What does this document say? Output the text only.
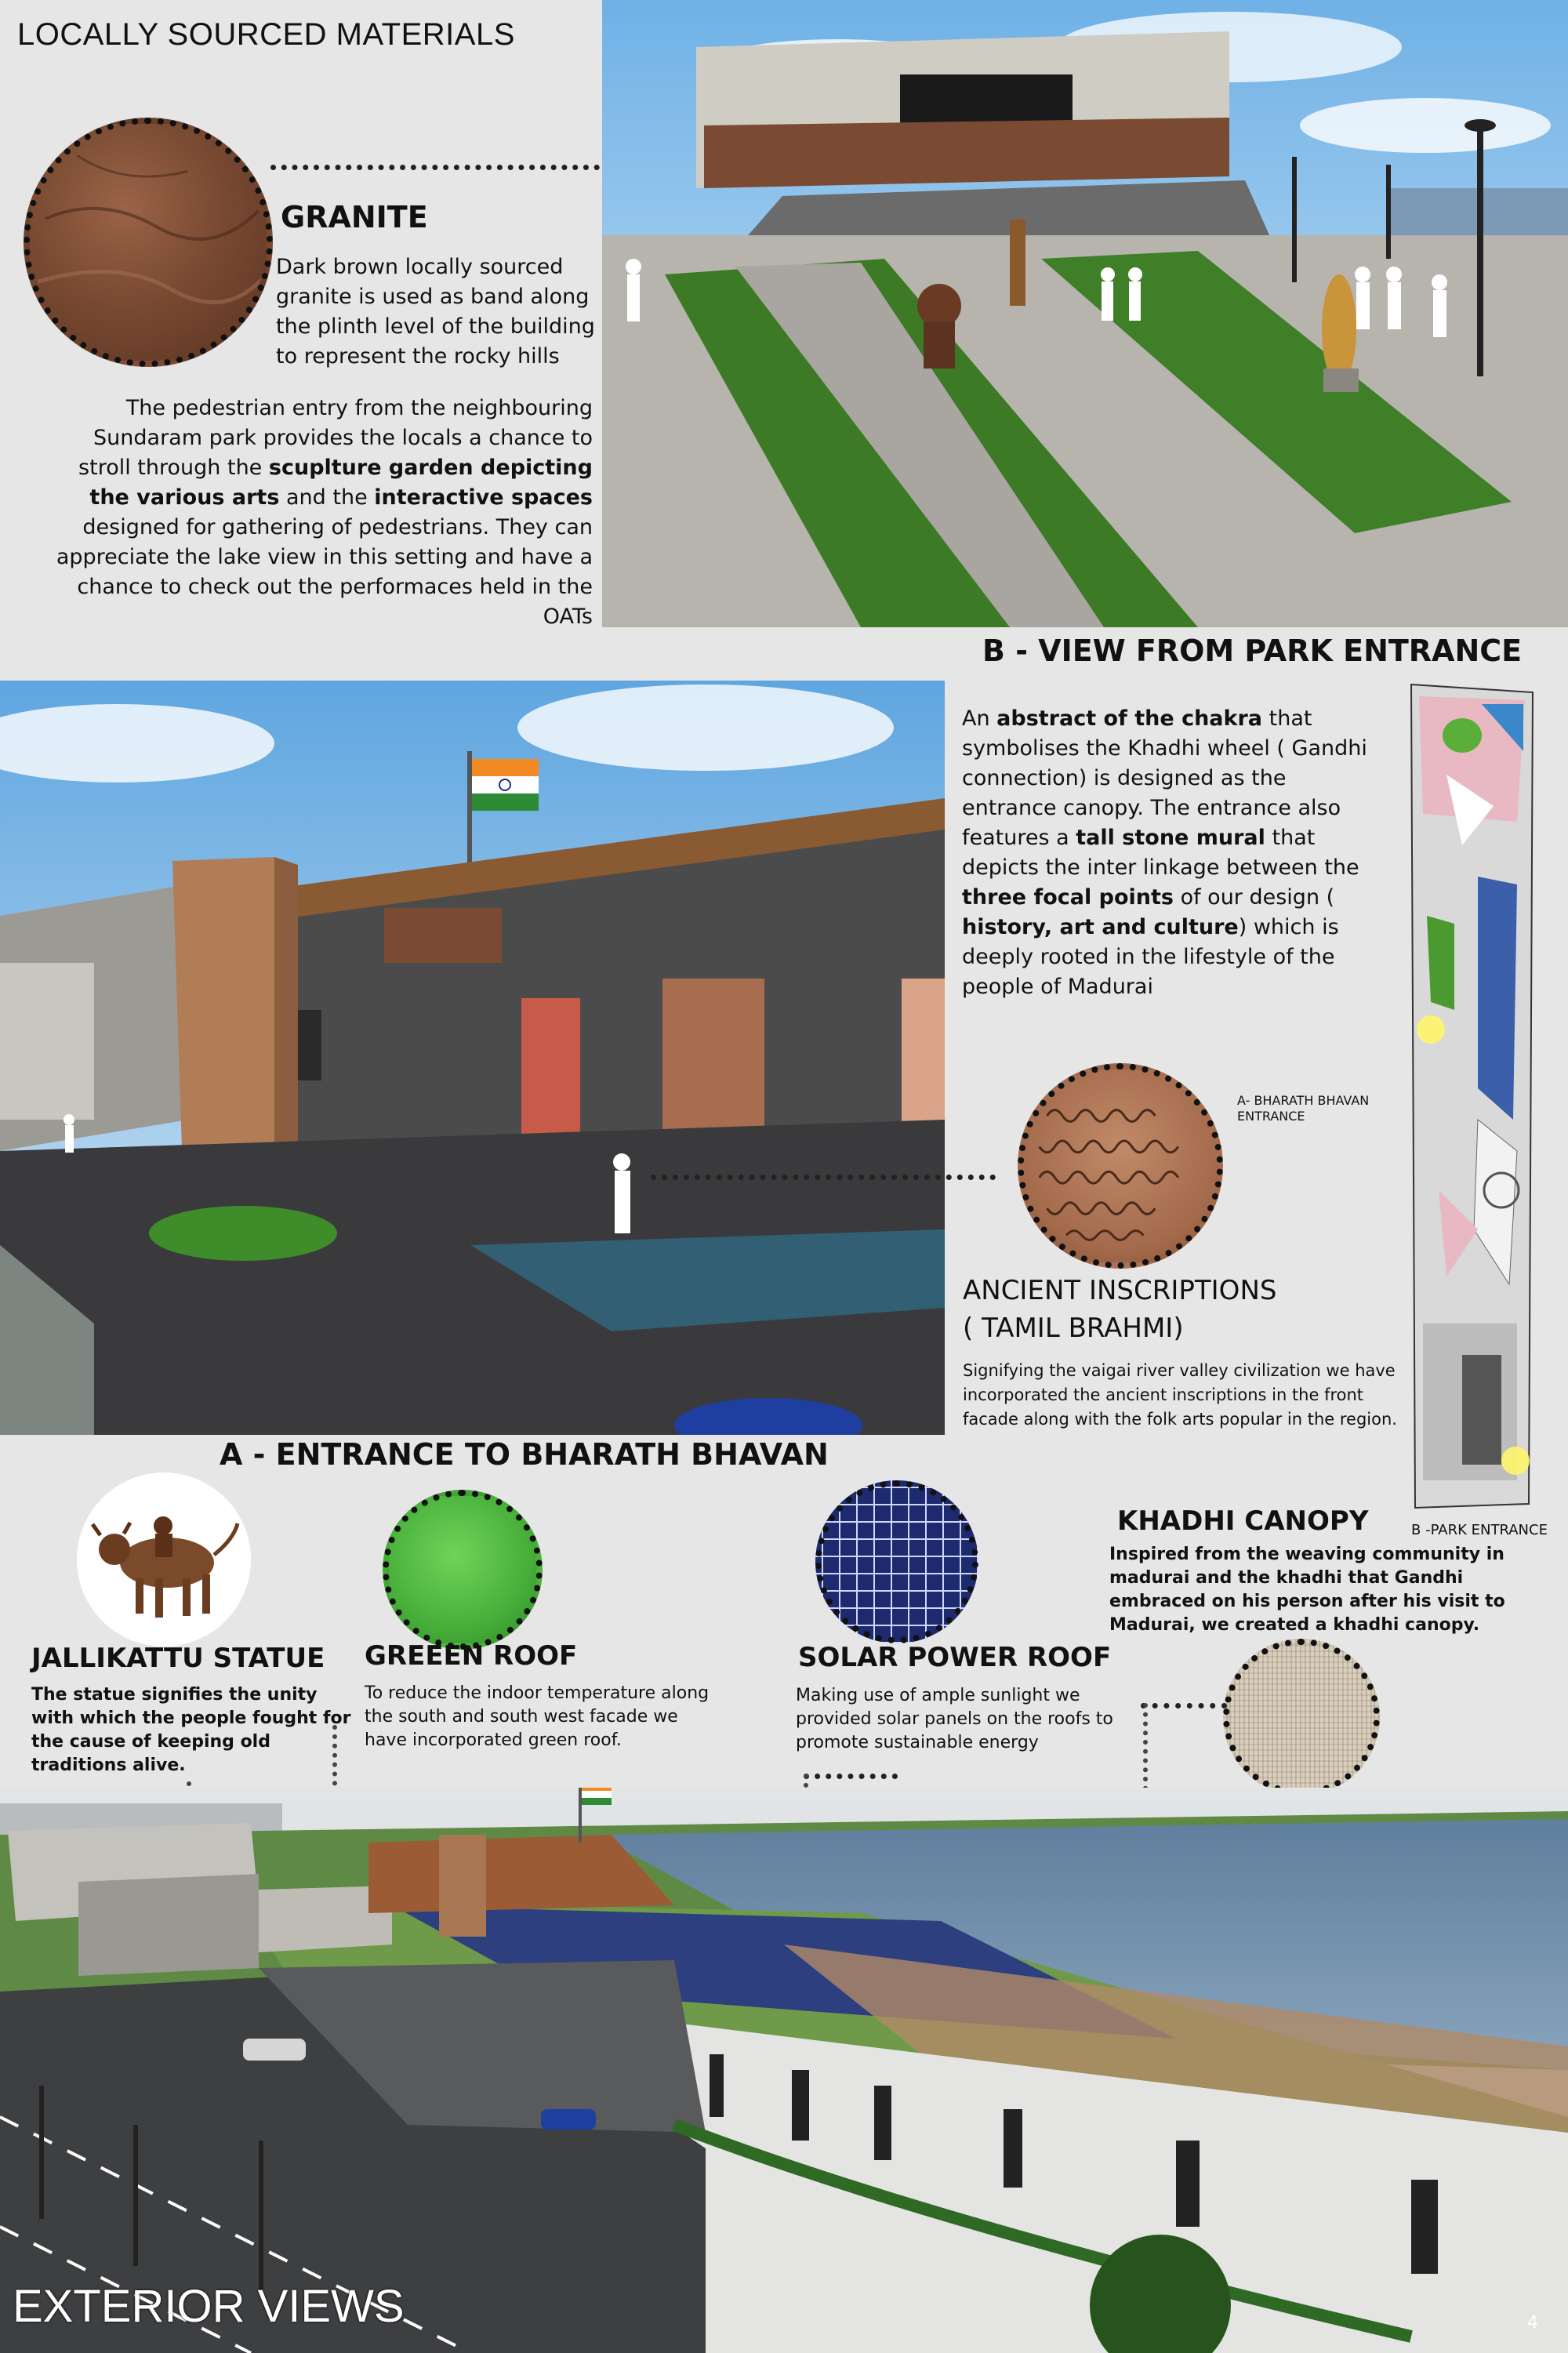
LOCALLY SOURCED MATERIALS
GRANITE
Dark brown locally sourced granite is used as band along the plinth level of the building to represent the rocky hills
The pedestrian entry from the neighbouring Sundaram park provides the locals a chance to stroll through the scuplture garden depicting the various arts and the interactive spaces designed for gathering of pedestrians. They can appreciate the lake view in this setting and have a chance to check out the performaces held in the OATs
B - VIEW FROM PARK ENTRANCE
An abstract of the chakra that symbolises the Khadhi wheel ( Gandhi connection) is designed as the entrance canopy. The entrance also features a tall stone mural that depicts the inter linkage between the three focal points of our design ( history, art and culture) which is deeply rooted in the lifestyle of the people of Madurai
A- BHARATH BHAVAN ENTRANCE
B -PARK ENTRANCE
ANCIENT INSCRIPTIONS
( TAMIL BRAHMI)
Signifying the vaigai river valley civilization we have incorporated the ancient inscriptions in the front facade along with the folk arts popular in the region.
A - ENTRANCE TO BHARATH BHAVAN
JALLIKATTU STATUE
The statue signifies the unity with which the people fought for the cause of keeping old traditions alive.
GREEEN ROOF
To reduce the indoor temperature along the south and south west facade we have incorporated green roof.
SOLAR POWER ROOF
Making use of ample sunlight we provided solar panels on the roofs to promote sustainable energy
KHADHI CANOPY
Inspired from the weaving community in madurai and the khadhi that Gandhi embraced on his person after his visit to Madurai, we created a khadhi canopy.
EXTERIOR VIEWS	4
